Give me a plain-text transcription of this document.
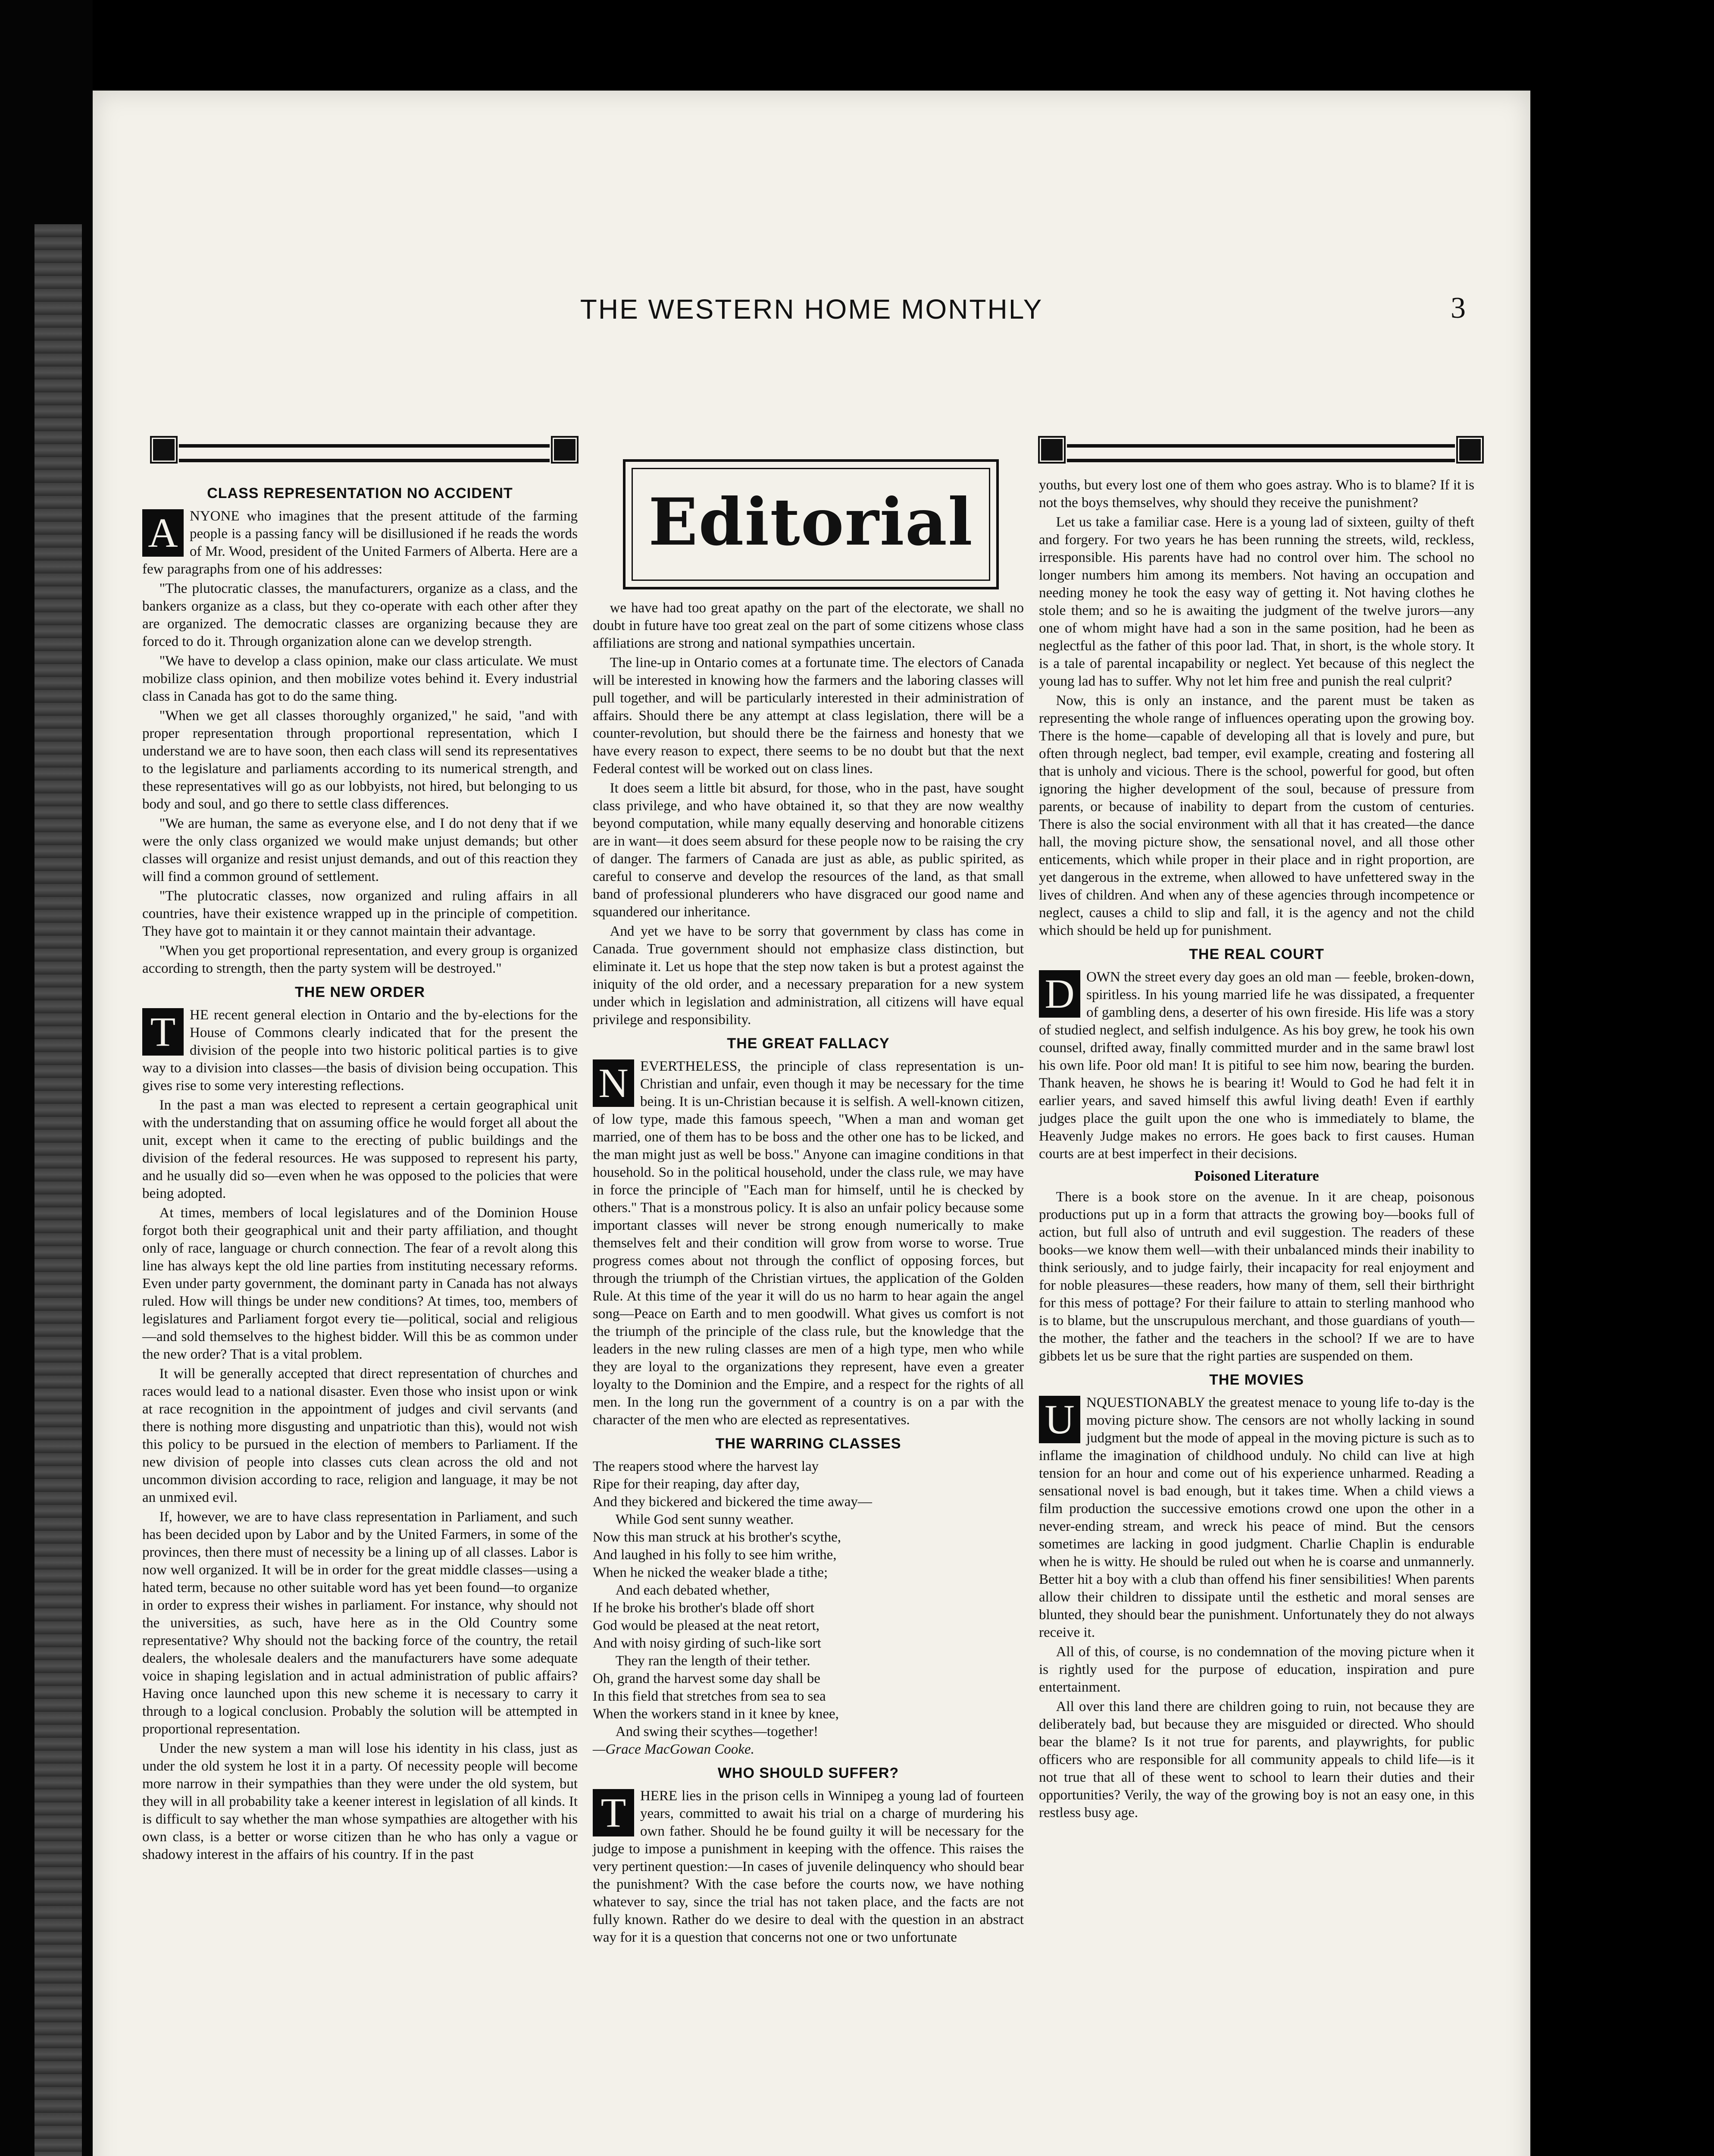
THE WESTERN HOME MONTHLY	3
Editorial
CLASS REPRESENTATION NO ACCIDENT

A NYONE who imagines that the present attitude of the farming people is a passing fancy will be disillusioned if he reads the words of Mr. Wood, president of the United Farmers of Alberta. Here are a few paragraphs from one of his addresses:

"The plutocratic classes, the manufacturers, organize as a class, and the bankers organize as a class, but they co-operate with each other after they are organized. The democratic classes are organizing because they are forced to do it. Through organization alone can we develop strength.

"We have to develop a class opinion, make our class articulate. We must mobilize class opinion, and then mobilize votes behind it. Every industrial class in Canada has got to do the same thing.

"When we get all classes thoroughly organized," he said, "and with proper representation through proportional representation, which I understand we are to have soon, then each class will send its representatives to the legislature and parliaments according to its numerical strength, and these representatives will go as our lobbyists, not hired, but belonging to us body and soul, and go there to settle class differences.

"We are human, the same as everyone else, and I do not deny that if we were the only class organized we would make unjust demands; but other classes will organize and resist unjust demands, and out of this reaction they will find a common ground of settlement.

"The plutocratic classes, now organized and ruling affairs in all countries, have their existence wrapped up in the principle of competition. They have got to maintain it or they cannot maintain their advantage.

"When you get proportional representation, and every group is organized according to strength, then the party system will be destroyed."

THE NEW ORDER

T HE recent general election in Ontario and the by-elections for the House of Commons clearly indicated that for the present the division of the people into two historic political parties is to give way to a division into classes—the basis of division being occupation. This gives rise to some very interesting reflections.

In the past a man was elected to represent a certain geographical unit with the understanding that on assuming office he would forget all about the unit, except when it came to the erecting of public buildings and the division of the federal resources. He was supposed to represent his party, and he usually did so—even when he was opposed to the policies that were being adopted.

At times, members of local legislatures and of the Dominion House forgot both their geographical unit and their party affiliation, and thought only of race, language or church connection. The fear of a revolt along this line has always kept the old line parties from instituting necessary reforms. Even under party government, the dominant party in Canada has not always ruled. How will things be under new conditions? At times, too, members of legislatures and Parliament forgot every tie—political, social and religious—and sold themselves to the highest bidder. Will this be as common under the new order? That is a vital problem.

It will be generally accepted that direct representation of churches and races would lead to a national disaster. Even those who insist upon or wink at race recognition in the appointment of judges and civil servants (and there is nothing more disgusting and unpatriotic than this), would not wish this policy to be pursued in the election of members to Parliament. If the new division of people into classes cuts clean across the old and not uncommon division according to race, religion and language, it may be not an unmixed evil.

If, however, we are to have class representation in Parliament, and such has been decided upon by Labor and by the United Farmers, in some of the provinces, then there must of necessity be a lining up of all classes. Labor is now well organized. It will be in order for the great middle classes—using a hated term, because no other suitable word has yet been found—to organize in order to express their wishes in parliament. For instance, why should not the universities, as such, have here as in the Old Country some representative? Why should not the backing force of the country, the retail dealers, the wholesale dealers and the manufacturers have some adequate voice in shaping legislation and in actual administration of public affairs? Having once launched upon this new scheme it is necessary to carry it through to a logical conclusion. Probably the solution will be attempted in proportional representation.

Under the new system a man will lose his identity in his class, just as under the old system he lost it in a party. Of necessity people will become more narrow in their sympathies than they were under the old system, but they will in all probability take a keener interest in legislation of all kinds. It is difficult to say whether the man whose sympathies are altogether with his own class, is a better or worse citizen than he who has only a vague or shadowy interest in the affairs of his country. If in the past

we have had too great apathy on the part of the electorate, we shall no doubt in future have too great zeal on the part of some citizens whose class affiliations are strong and national sympathies uncertain.

The line-up in Ontario comes at a fortunate time. The electors of Canada will be interested in knowing how the farmers and the laboring classes will pull together, and will be particularly interested in their administration of affairs. Should there be any attempt at class legislation, there will be a counter-revolution, but should there be the fairness and honesty that we have every reason to expect, there seems to be no doubt but that the next Federal contest will be worked out on class lines.

It does seem a little bit absurd, for those, who in the past, have sought class privilege, and who have obtained it, so that they are now wealthy beyond computation, while many equally deserving and honorable citizens are in want—it does seem absurd for these people now to be raising the cry of danger. The farmers of Canada are just as able, as public spirited, as careful to conserve and develop the resources of the land, as that small band of professional plunderers who have disgraced our good name and squandered our inheritance.

And yet we have to be sorry that government by class has come in Canada. True government should not emphasize class distinction, but eliminate it. Let us hope that the step now taken is but a protest against the iniquity of the old order, and a necessary preparation for a new system under which in legislation and administration, all citizens will have equal privilege and responsibility.

THE GREAT FALLACY

N EVERTHELESS, the principle of class representation is un-Christian and unfair, even though it may be necessary for the time being. It is un-Christian because it is selfish. A well-known citizen, of low type, made this famous speech, "When a man and woman get married, one of them has to be boss and the other one has to be licked, and the man might just as well be boss." Anyone can imagine conditions in that household. So in the political household, under the class rule, we may have in force the principle of "Each man for himself, until he is checked by others." That is a monstrous policy. It is also an unfair policy because some important classes will never be strong enough numerically to make themselves felt and their condition will grow from worse to worse. True progress comes about not through the conflict of opposing forces, but through the triumph of the Christian virtues, the application of the Golden Rule. At this time of the year it will do us no harm to hear again the angel song—Peace on Earth and to men goodwill. What gives us comfort is not the triumph of the principle of the class rule, but the knowledge that the leaders in the new ruling classes are men of a high type, men who while they are loyal to the organizations they represent, have even a greater loyalty to the Dominion and the Empire, and a respect for the rights of all men. In the long run the government of a country is on a par with the character of the men who are elected as representatives.

THE WARRING CLASSES

The reapers stood where the harvest lay

Ripe for their reaping, day after day,

And they bickered and bickered the time away—

While God sent sunny weather.

Now this man struck at his brother's scythe,

And laughed in his folly to see him writhe,

When he nicked the weaker blade a tithe;

And each debated whether,

If he broke his brother's blade off short

God would be pleased at the neat retort,

And with noisy girding of such-like sort

They ran the length of their tether.

Oh, grand the harvest some day shall be

In this field that stretches from sea to sea

When the workers stand in it knee by knee,

And swing their scythes—together!

—Grace MacGowan Cooke.

WHO SHOULD SUFFER?

T HERE lies in the prison cells in Winnipeg a young lad of fourteen years, committed to await his trial on a charge of murdering his own father. Should he be found guilty it will be necessary for the judge to impose a punishment in keeping with the offence. This raises the very pertinent question:—In cases of juvenile delinquency who should bear the punishment? With the case before the courts now, we have nothing whatever to say, since the trial has not taken place, and the facts are not fully known. Rather do we desire to deal with the question in an abstract way for it is a question that concerns not one or two unfortunate

youths, but every lost one of them who goes astray. Who is to blame? If it is not the boys themselves, why should they receive the punishment?

Let us take a familiar case. Here is a young lad of sixteen, guilty of theft and forgery. For two years he has been running the streets, wild, reckless, irresponsible. His parents have had no control over him. The school no longer numbers him among its members. Not having an occupation and needing money he took the easy way of getting it. Not having clothes he stole them; and so he is awaiting the judgment of the twelve jurors—any one of whom might have had a son in the same position, had he been as neglectful as the father of this poor lad. That, in short, is the whole story. It is a tale of parental incapability or neglect. Yet because of this neglect the young lad has to suffer. Why not let him free and punish the real culprit?

Now, this is only an instance, and the parent must be taken as representing the whole range of influences operating upon the growing boy. There is the home—capable of developing all that is lovely and pure, but often through neglect, bad temper, evil example, creating and fostering all that is unholy and vicious. There is the school, powerful for good, but often ignoring the higher development of the soul, because of pressure from parents, or because of inability to depart from the custom of centuries. There is also the social environment with all that it has created—the dance hall, the moving picture show, the sensational novel, and all those other enticements, which while proper in their place and in right proportion, are yet dangerous in the extreme, when allowed to have unfettered sway in the lives of children. And when any of these agencies through incompetence or neglect, causes a child to slip and fall, it is the agency and not the child which should be held up for punishment.

THE REAL COURT

D OWN the street every day goes an old man — feeble, broken-down, spiritless. In his young married life he was dissipated, a frequenter of gambling dens, a deserter of his own fireside. His life was a story of studied neglect, and selfish indulgence. As his boy grew, he took his own counsel, drifted away, finally committed murder and in the same brawl lost his own life. Poor old man! It is pitiful to see him now, bearing the burden. Thank heaven, he shows he is bearing it! Would to God he had felt it in earlier years, and saved himself this awful living death! Even if earthly judges place the guilt upon the one who is immediately to blame, the Heavenly Judge makes no errors. He goes back to first causes. Human courts are at best imperfect in their decisions.

Poisoned Literature

There is a book store on the avenue. In it are cheap, poisonous productions put up in a form that attracts the growing boy—books full of action, but full also of untruth and evil suggestion. The readers of these books—we know them well—with their unbalanced minds their inability to think seriously, and to judge fairly, their incapacity for real enjoyment and for noble pleasures—these readers, how many of them, sell their birthright for this mess of pottage? For their failure to attain to sterling manhood who is to blame, but the unscrupulous merchant, and those guardians of youth—the mother, the father and the teachers in the school? If we are to have gibbets let us be sure that the right parties are suspended on them.

THE MOVIES

U NQUESTIONABLY the greatest menace to young life to-day is the moving picture show. The censors are not wholly lacking in sound judgment but the mode of appeal in the moving picture is such as to inflame the imagination of childhood unduly. No child can live at high tension for an hour and come out of his experience unharmed. Reading a sensational novel is bad enough, but it takes time. When a child views a film production the successive emotions crowd one upon the other in a never-ending stream, and wreck his peace of mind. But the censors sometimes are lacking in good judgment. Charlie Chaplin is endurable when he is witty. He should be ruled out when he is coarse and unmannerly. Better hit a boy with a club than offend his finer sensibilities! When parents allow their children to dissipate until the esthetic and moral senses are blunted, they should bear the punishment. Unfortunately they do not always receive it.

All of this, of course, is no condemnation of the moving picture when it is rightly used for the purpose of education, inspiration and pure entertainment.

All over this land there are children going to ruin, not because they are deliberately bad, but because they are misguided or directed. Who should bear the blame? Is it not true for parents, and playwrights, for public officers who are responsible for all community appeals to child life—is it not true that all of these went to school to learn their duties and their opportunities? Verily, the way of the growing boy is not an easy one, in this restless busy age.
